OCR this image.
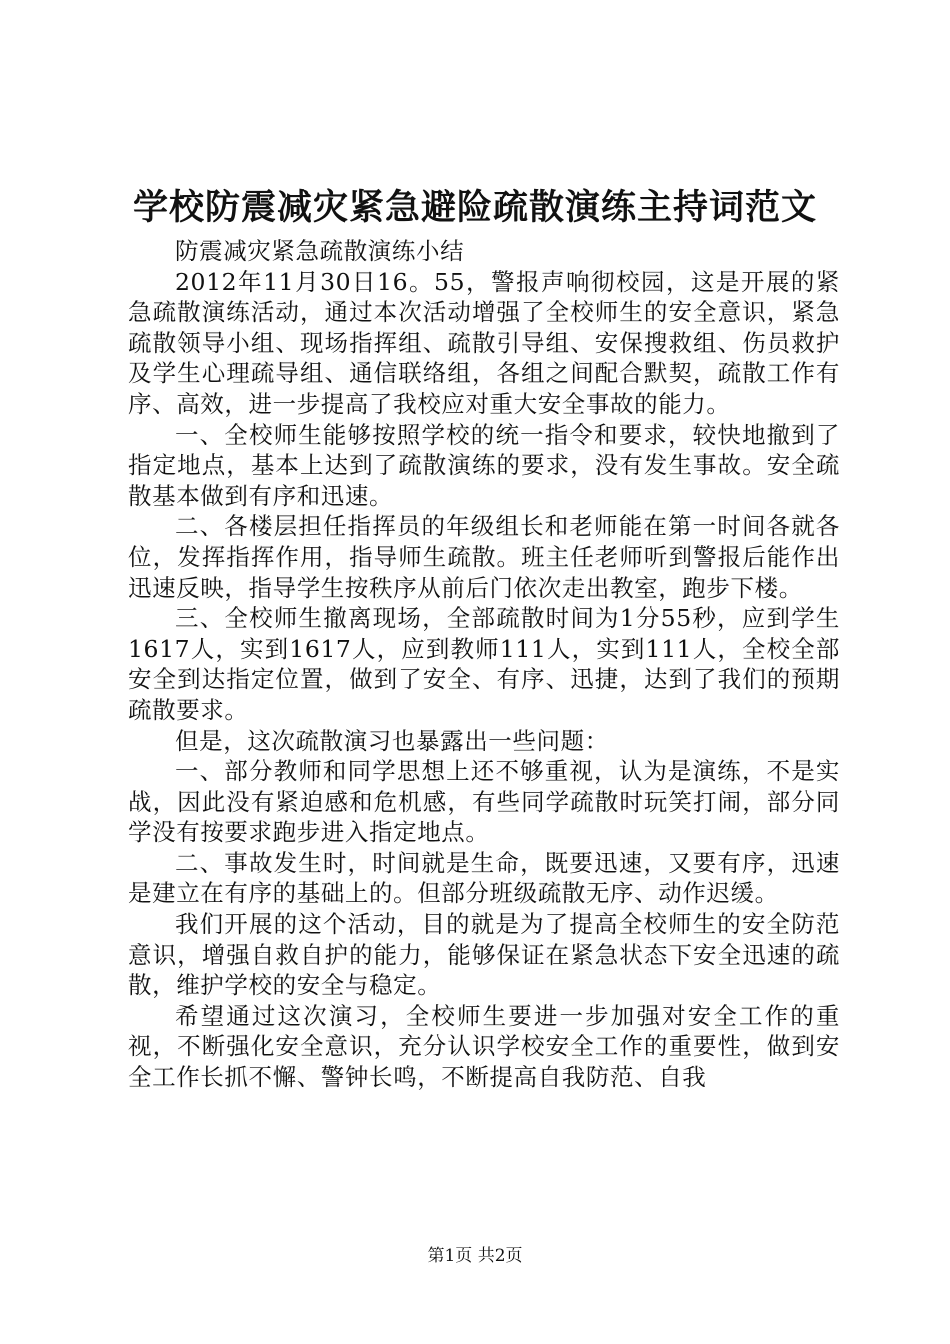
学校防震减灾紧急避险疏散演练主持词范文

防震减灾紧急疏散演练小结

2012年11月30日16。55，警报声响彻校园，这是开展的紧急疏散演练活动，通过本次活动增强了全校师生的安全意识，紧急疏散领导小组、现场指挥组、疏散引导组、安保搜救组、伤员救护及学生心理疏导组、通信联络组，各组之间配合默契，疏散工作有序、高效，进一步提高了我校应对重大安全事故的能力。

一、全校师生能够按照学校的统一指令和要求，较快地撤到了指定地点，基本上达到了疏散演练的要求，没有发生事故。安全疏散基本做到有序和迅速。

二、各楼层担任指挥员的年级组长和老师能在第一时间各就各位，发挥指挥作用，指导师生疏散。班主任老师听到警报后能作出迅速反映，指导学生按秩序从前后门依次走出教室，跑步下楼。

三、全校师生撤离现场，全部疏散时间为1分55秒，应到学生1617人，实到1617人，应到教师111人，实到111人，全校全部安全到达指定位置，做到了安全、有序、迅捷，达到了我们的预期疏散要求。

但是，这次疏散演习也暴露出一些问题：

一、部分教师和同学思想上还不够重视，认为是演练，不是实战，因此没有紧迫感和危机感，有些同学疏散时玩笑打闹，部分同学没有按要求跑步进入指定地点。

二、事故发生时，时间就是生命，既要迅速，又要有序，迅速是建立在有序的基础上的。但部分班级疏散无序、动作迟缓。

我们开展的这个活动，目的就是为了提高全校师生的安全防范意识，增强自救自护的能力，能够保证在紧急状态下安全迅速的疏散，维护学校的安全与稳定。

希望通过这次演习，全校师生要进一步加强对安全工作的重视，不断强化安全意识，充分认识学校安全工作的重要性，做到安全工作长抓不懈、警钟长鸣，不断提高自我防范、自我

第1页 共2页
